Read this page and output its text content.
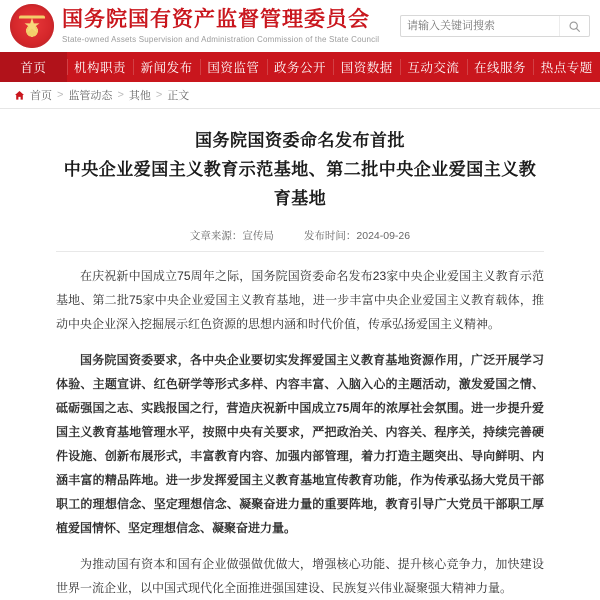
★
国务院国有资产监督管理委员会
State-owned Assets Supervision and Administration Commission of the State Council
请输入关键词搜索
首页	机构职责	新闻发布	国资监管	政务公开	国资数据	互动交流	在线服务	热点专题
首页 > 监管动态 > 其他 > 正文
国务院国资委命名发布首批
中央企业爱国主义教育示范基地、第二批中央企业爱国主义教育基地
文章来源：宣传局	发布时间：2024-09-26

在庆祝新中国成立75周年之际，国务院国资委命名发布23家中央企业爱国主义教育示范基地、第二批75家中央企业爱国主义教育基地，进一步丰富中央企业爱国主义教育载体，推动中央企业深入挖掘展示红色资源的思想内涵和时代价值，传承弘扬爱国主义精神。

国务院国资委要求，各中央企业要切实发挥爱国主义教育基地资源作用，广泛开展学习体验、主题宣讲、红色研学等形式多样、内容丰富、入脑入心的主题活动，激发爱国之情、砥砺强国之志、实践报国之行，营造庆祝新中国成立75周年的浓厚社会氛围。进一步提升爱国主义教育基地管理水平，按照中央有关要求，严把政治关、内容关、程序关，持续完善硬件设施、创新布展形式，丰富教育内容、加强内部管理，着力打造主题突出、导向鲜明、内涵丰富的精品阵地。进一步发挥爱国主义教育基地宣传教育功能，作为传承弘扬大党员干部职工的理想信念、坚定理想信念、凝聚奋进力量的重要阵地，教育引导广大党员干部职工厚植爱国情怀、坚定理想信念、凝聚奋进力量。

为推动国有资本和国有企业做强做优做大，增强核心功能、提升核心竞争力，加快建设世界一流企业，以中国式现代化全面推进强国建设、民族复兴伟业凝聚强大精神力量。
